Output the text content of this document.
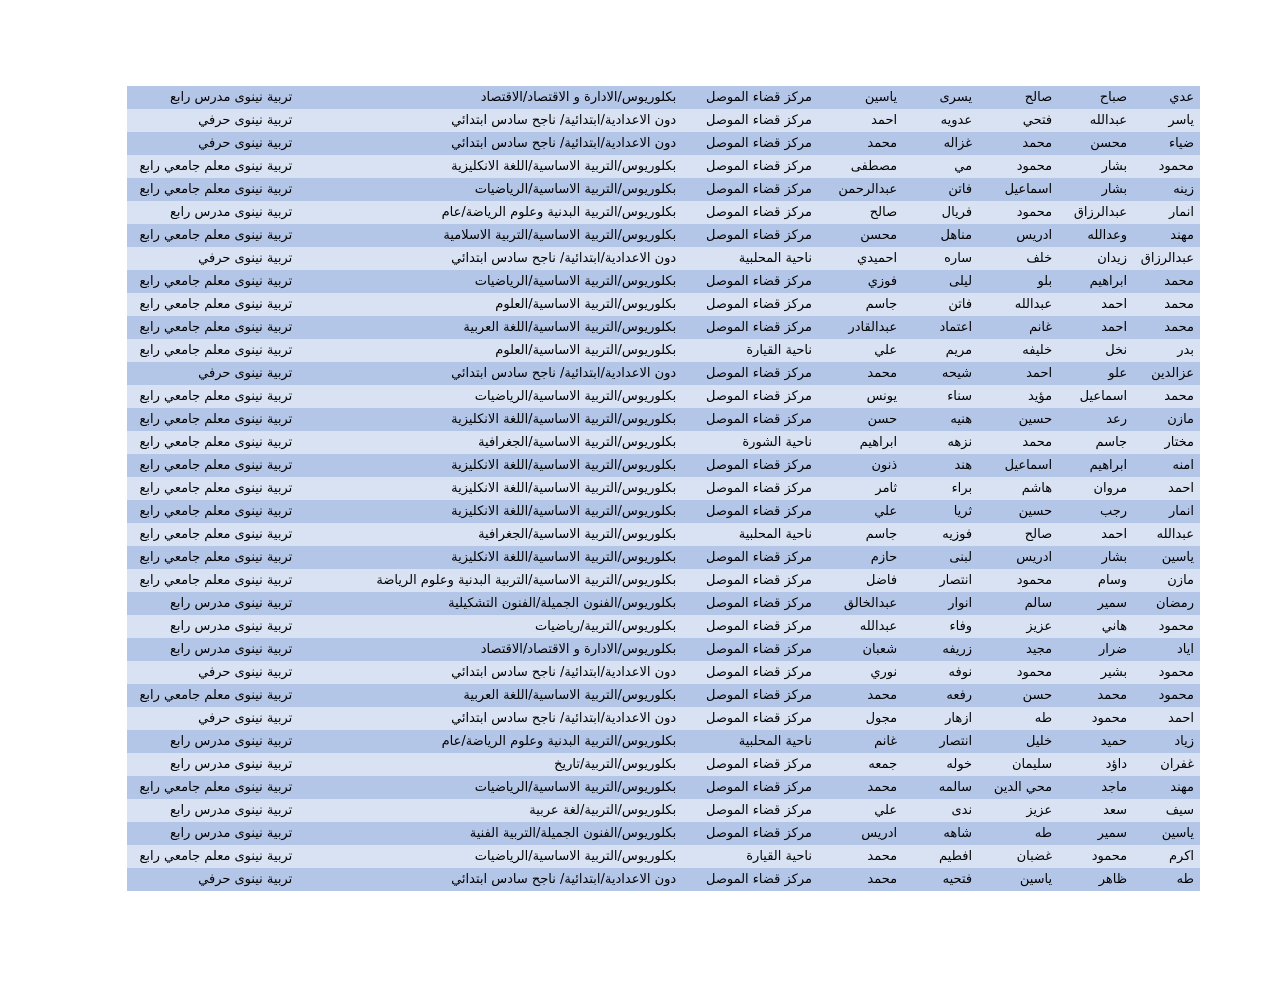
عدي	صباح	صالح	يسرى	ياسين	مركز قضاء الموصل	بكلوريوس/الادارة و الاقتصاد/الاقتصاد	تربية نينوى	مدرس رابع
ياسر	عبدالله	فتحي	عدويه	احمد	مركز قضاء الموصل	دون الاعدادية/ابتدائية/ ناجح سادس ابتدائي	تربية نينوى	حرفي
ضياء	محسن	محمد	غزاله	محمد	مركز قضاء الموصل	دون الاعدادية/ابتدائية/ ناجح سادس ابتدائي	تربية نينوى	حرفي
محمود	بشار	محمود	مي	مصطفى	مركز قضاء الموصل	بكلوريوس/التربية الاساسية/اللغة الانكليزية	تربية نينوى	معلم جامعي رابع
زينه	بشار	اسماعيل	فاتن	عبدالرحمن	مركز قضاء الموصل	بكلوريوس/التربية الاساسية/الرياضيات	تربية نينوى	معلم جامعي رابع
انمار	عبدالرزاق	محمود	فريال	صالح	مركز قضاء الموصل	بكلوريوس/التربية البدنية وعلوم الرياضة/عام	تربية نينوى	مدرس رابع
مهند	وعدالله	ادريس	مناهل	محسن	مركز قضاء الموصل	بكلوريوس/التربية الاساسية/التربية الاسلامية	تربية نينوى	معلم جامعي رابع
عبدالرزاق	زيدان	خلف	ساره	احميدي	ناحية المحلبية	دون الاعدادية/ابتدائية/ ناجح سادس ابتدائي	تربية نينوى	حرفي
محمد	ابراهيم	بلو	ليلى	فوزي	مركز قضاء الموصل	بكلوريوس/التربية الاساسية/الرياضيات	تربية نينوى	معلم جامعي رابع
محمد	احمد	عبدالله	فاتن	جاسم	مركز قضاء الموصل	بكلوريوس/التربية الاساسية/العلوم	تربية نينوى	معلم جامعي رابع
محمد	احمد	غانم	اعتماد	عبدالقادر	مركز قضاء الموصل	بكلوريوس/التربية الاساسية/اللغة العربية	تربية نينوى	معلم جامعي رابع
بدر	نخل	خليفه	مريم	علي	ناحية القيارة	بكلوريوس/التربية الاساسية/العلوم	تربية نينوى	معلم جامعي رابع
عزالدين	علو	احمد	شيحه	محمد	مركز قضاء الموصل	دون الاعدادية/ابتدائية/ ناجح سادس ابتدائي	تربية نينوى	حرفي
محمد	اسماعيل	مؤيد	سناء	يونس	مركز قضاء الموصل	بكلوريوس/التربية الاساسية/الرياضيات	تربية نينوى	معلم جامعي رابع
مازن	رعد	حسين	هنيه	حسن	مركز قضاء الموصل	بكلوريوس/التربية الاساسية/اللغة الانكليزية	تربية نينوى	معلم جامعي رابع
مختار	جاسم	محمد	نزهه	ابراهيم	ناحية الشورة	بكلوريوس/التربية الاساسية/الجغرافية	تربية نينوى	معلم جامعي رابع
امنه	ابراهيم	اسماعيل	هند	ذنون	مركز قضاء الموصل	بكلوريوس/التربية الاساسية/اللغة الانكليزية	تربية نينوى	معلم جامعي رابع
احمد	مروان	هاشم	براء	ثامر	مركز قضاء الموصل	بكلوريوس/التربية الاساسية/اللغة الانكليزية	تربية نينوى	معلم جامعي رابع
انمار	رجب	حسين	ثريا	علي	مركز قضاء الموصل	بكلوريوس/التربية الاساسية/اللغة الانكليزية	تربية نينوى	معلم جامعي رابع
عبدالله	احمد	صالح	فوزيه	جاسم	ناحية المحلبية	بكلوريوس/التربية الاساسية/الجغرافية	تربية نينوى	معلم جامعي رابع
ياسين	بشار	ادريس	لبنى	حازم	مركز قضاء الموصل	بكلوريوس/التربية الاساسية/اللغة الانكليزية	تربية نينوى	معلم جامعي رابع
مازن	وسام	محمود	انتصار	فاضل	مركز قضاء الموصل	بكلوريوس/التربية الاساسية/التربية البدنية وعلوم الرياضة	تربية نينوى	معلم جامعي رابع
رمضان	سمير	سالم	انوار	عبدالخالق	مركز قضاء الموصل	بكلوريوس/الفنون الجميلة/الفنون التشكيلية	تربية نينوى	مدرس رابع
محمود	هاني	عزيز	وفاء	عبدالله	مركز قضاء الموصل	بكلوريوس/التربية/رياضيات	تربية نينوى	مدرس رابع
اياد	ضرار	مجيد	زريفه	شعبان	مركز قضاء الموصل	بكلوريوس/الادارة و الاقتصاد/الاقتصاد	تربية نينوى	مدرس رابع
محمود	بشير	محمود	نوفه	نوري	مركز قضاء الموصل	دون الاعدادية/ابتدائية/ ناجح سادس ابتدائي	تربية نينوى	حرفي
محمود	محمد	حسن	رفعه	محمد	مركز قضاء الموصل	بكلوريوس/التربية الاساسية/اللغة العربية	تربية نينوى	معلم جامعي رابع
احمد	محمود	طه	ازهار	مجول	مركز قضاء الموصل	دون الاعدادية/ابتدائية/ ناجح سادس ابتدائي	تربية نينوى	حرفي
زياد	حميد	خليل	انتصار	غانم	ناحية المحلبية	بكلوريوس/التربية البدنية وعلوم الرياضة/عام	تربية نينوى	مدرس رابع
غفران	داؤد	سليمان	خوله	جمعه	مركز قضاء الموصل	بكلوريوس/التربية/تاريخ	تربية نينوى	مدرس رابع
مهند	ماجد	محي الدين	سالمه	محمد	مركز قضاء الموصل	بكلوريوس/التربية الاساسية/الرياضيات	تربية نينوى	معلم جامعي رابع
سيف	سعد	عزيز	ندى	علي	مركز قضاء الموصل	بكلوريوس/التربية/لغة عربية	تربية نينوى	مدرس رابع
ياسين	سمير	طه	شاهه	ادريس	مركز قضاء الموصل	بكلوريوس/الفنون الجميلة/التربية الفنية	تربية نينوى	مدرس رابع
اكرم	محمود	غضبان	افطيم	محمد	ناحية القيارة	بكلوريوس/التربية الاساسية/الرياضيات	تربية نينوى	معلم جامعي رابع
طه	ظاهر	ياسين	فتحيه	محمد	مركز قضاء الموصل	دون الاعدادية/ابتدائية/ ناجح سادس ابتدائي	تربية نينوى	حرفي
